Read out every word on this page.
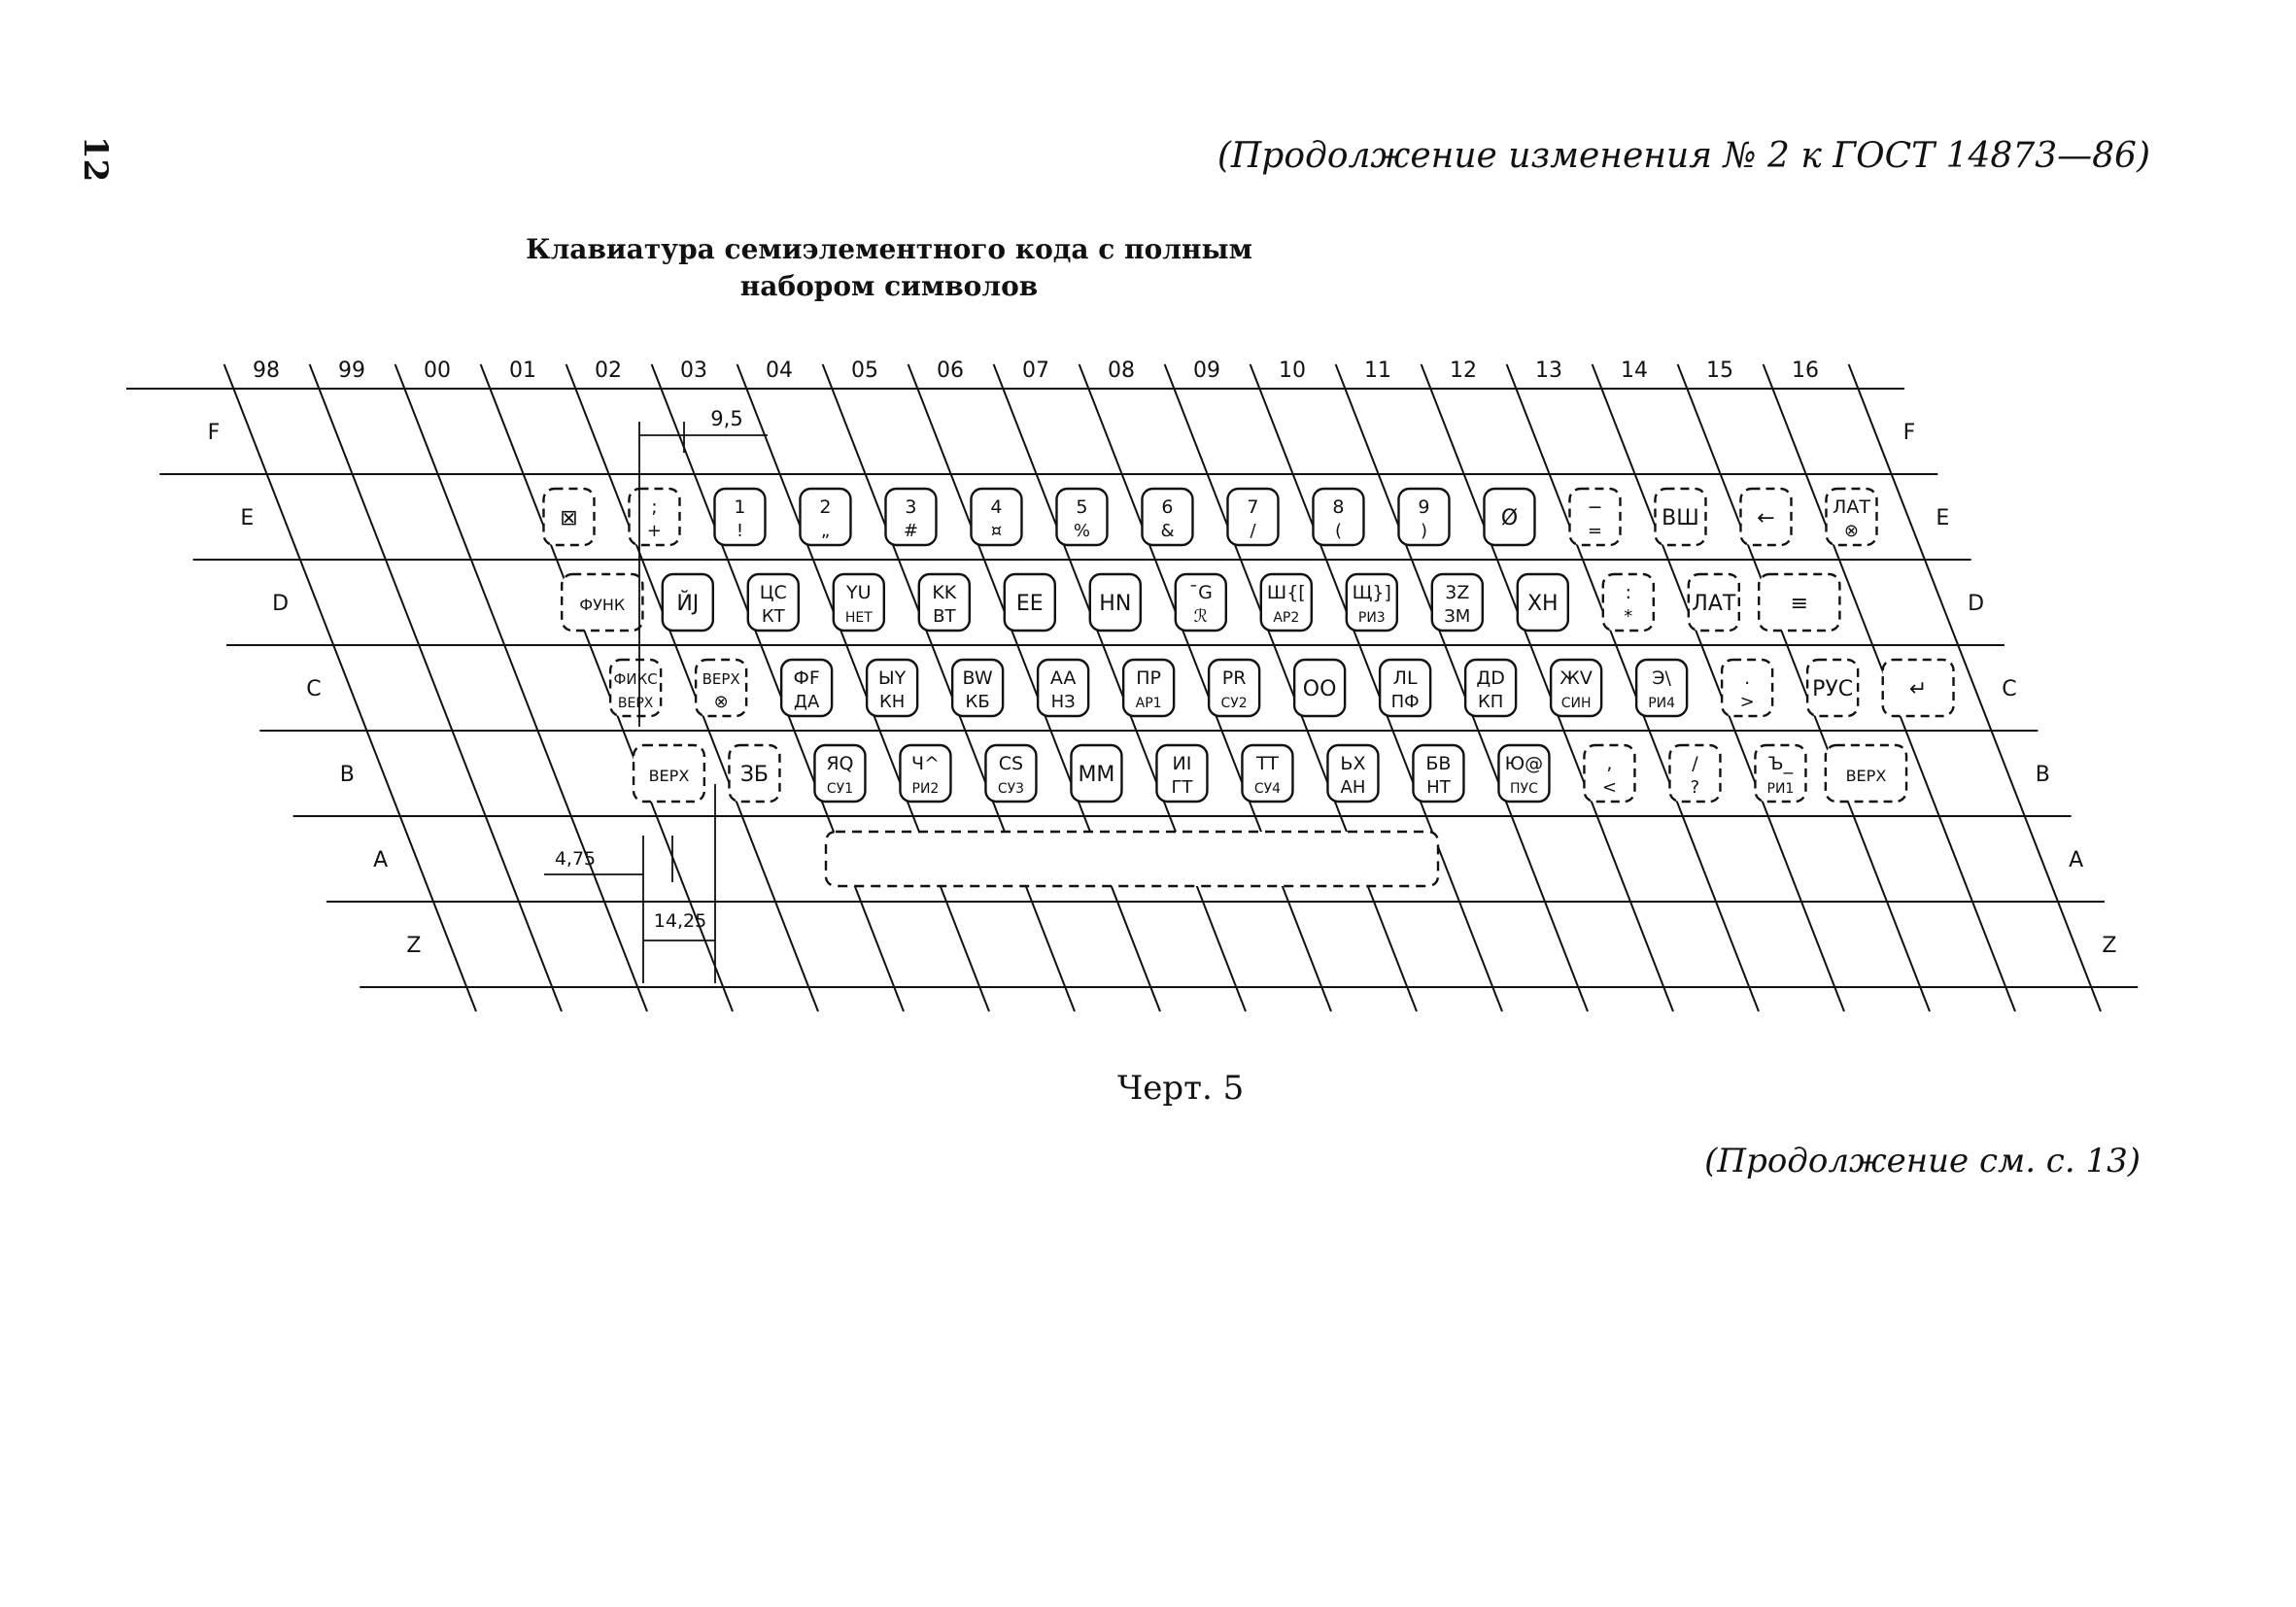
12	(Продолжение изменения № 2 к ГОСТ 14873—86)
Клавиатура семиэлементного кода с полным
набором символов
98	99	00	01	02	03	04	05	06	07	08	09	10	11	12	13	14	15	16
F	F
E	E
D	D
C	C
B	B
A	A
Z	Z
⊠	;
+
1
!
2
„
3
#
4
¤
5
%
6
&
7
/
8
(
9
)
Ø	−
=
ВШ	←	ЛАТ
⊗
ФУНК ЙJ	ЦС
КТ
YU
НЕТ
KK
ВТ
EE	HN	¯G
ℛ
Ш{[
АР2
Щ}]
РИ3
3Z
ЗМ
XH	:
*
ЛАТ	≡
ФИКС
ВЕРХ
ВЕРХ
⊗
ФF
ДА
ЫY
КН
BW
КБ
AA
НЗ
ПР
АР1
PR
СУ2
OO	ЛL
ПФ
ДD
КП
ЖV
СИН
Э\
РИ4
.
>
РУС	↵
ВЕРХ ЗБ	ЯQ
СУ1
Ч^
РИ2
CS
СУ3
MM	ИI
ГТ
TT
СУ4
ЬX
АН
БВ
НТ
Ю@
ПУС
,
<
/
?
Ъ_
РИ1
ВЕРХ
9,5
4,75
14,25
Черт. 5
(Продолжение см. с. 13)
